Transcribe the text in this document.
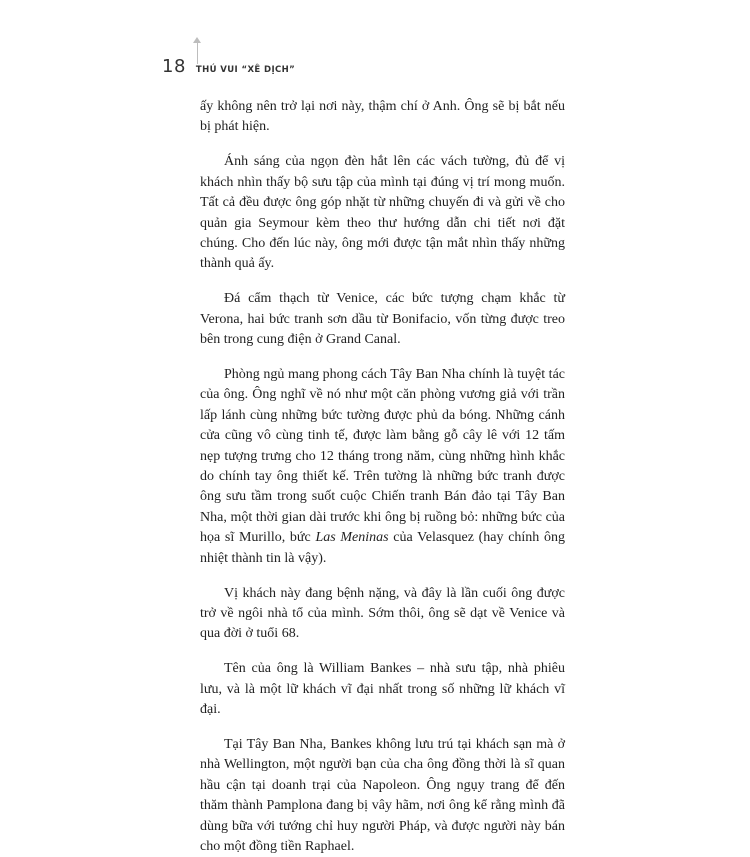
18 THÚ VUI “XÊ DỊCH”

ấy không nên trở lại nơi này, thậm chí ở Anh. Ông sẽ bị bắt nếu bị phát hiện.

Ánh sáng của ngọn đèn hắt lên các vách tường, đủ để vị khách nhìn thấy bộ sưu tập của mình tại đúng vị trí mong muốn. Tất cả đều được ông góp nhặt từ những chuyến đi và gửi về cho quản gia Seymour kèm theo thư hướng dẫn chi tiết nơi đặt chúng. Cho đến lúc này, ông mới được tận mắt nhìn thấy những thành quả ấy.

Đá cẩm thạch từ Venice, các bức tượng chạm khắc từ Verona, hai bức tranh sơn dầu từ Bonifacio, vốn từng được treo bên trong cung điện ở Grand Canal.

Phòng ngủ mang phong cách Tây Ban Nha chính là tuyệt tác của ông. Ông nghĩ về nó như một căn phòng vương giả với trần lấp lánh cùng những bức tường được phủ da bóng. Những cánh cửa cũng vô cùng tinh tế, được làm bằng gỗ cây lê với 12 tấm nẹp tượng trưng cho 12 tháng trong năm, cùng những hình khắc do chính tay ông thiết kế. Trên tường là những bức tranh được ông sưu tầm trong suốt cuộc Chiến tranh Bán đảo tại Tây Ban Nha, một thời gian dài trước khi ông bị ruồng bỏ: những bức của họa sĩ Murillo, bức Las Meninas của Velasquez (hay chính ông nhiệt thành tin là vậy).

Vị khách này đang bệnh nặng, và đây là lần cuối ông được trở về ngôi nhà tổ của mình. Sớm thôi, ông sẽ dạt về Venice và qua đời ở tuổi 68.

Tên của ông là William Bankes – nhà sưu tập, nhà phiêu lưu, và là một lữ khách vĩ đại nhất trong số những lữ khách vĩ đại.

Tại Tây Ban Nha, Bankes không lưu trú tại khách sạn mà ở nhà Wellington, một người bạn của cha ông đồng thời là sĩ quan hầu cận tại doanh trại của Napoleon. Ông ngụy trang để đến thăm thành Pamplona đang bị vây hãm, nơi ông kể rằng mình đã dùng bữa với tướng chỉ huy người Pháp, và được người này bán cho một đồng tiền Raphael.
